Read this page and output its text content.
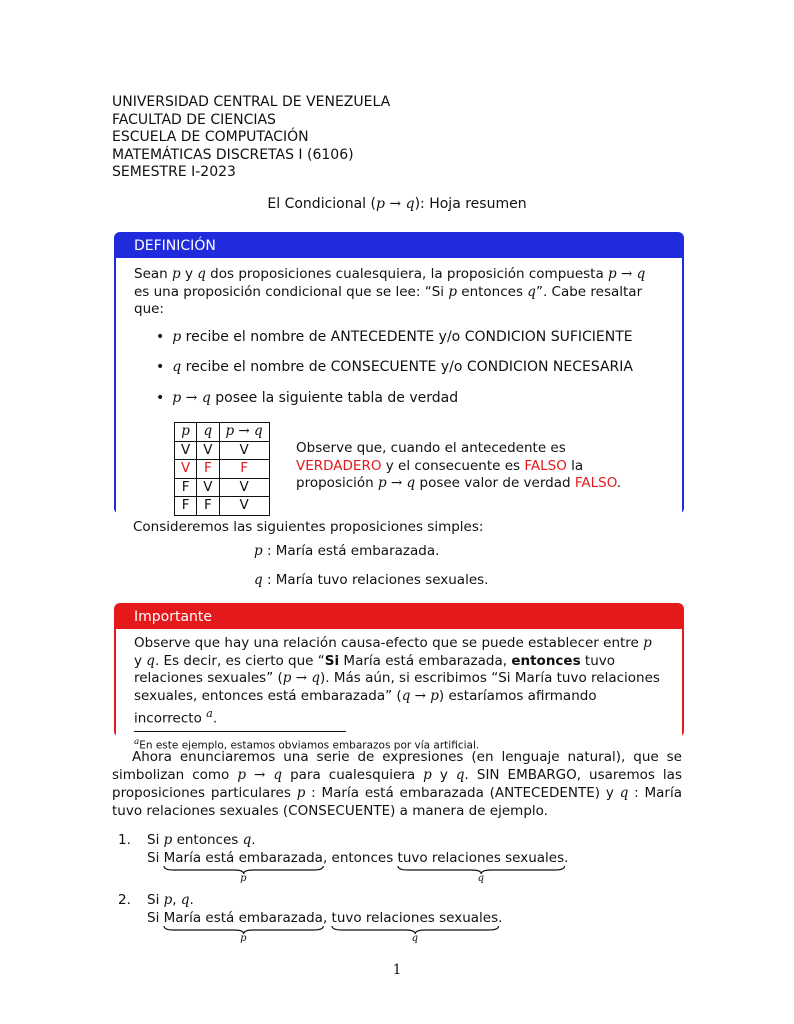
UNIVERSIDAD CENTRAL DE VENEZUELA
FACULTAD DE CIENCIAS
ESCUELA DE COMPUTACIÓN
MATEMÁTICAS DISCRETAS I (6106)
SEMESTRE I-2023
El Condicional (p → q): Hoja resumen
DEFINICIÓN

Sean p y q dos proposiciones cualesquiera, la proposición compuesta p → q es una proposición condicional que se lee: “Si p entonces q”. Cabe resaltar que:

• p recibe el nombre de ANTECEDENTE y/o CONDICION SUFICIENTE
• q recibe el nombre de CONSECUENTE y/o CONDICION NECESARIA
• p → q posee la siguiente tabla de verdad
p	q	p → q
V	V	V
V	F	F
F	V	V
F	F	V

Observe que, cuando el antecedente es VERDADERO y el consecuente es FALSO la proposición p → q posee valor de verdad FALSO.

Consideremos las siguientes proposiciones simples:
p : María está embarazada.
q : María tuvo relaciones sexuales.
Importante

Observe que hay una relación causa-efecto que se puede establecer entre p y q. Es decir, es cierto que “Si María está embarazada, entonces tuvo relaciones sexuales” (p → q). Más aún, si escribimos “Si María tuvo relaciones sexuales, entonces está embarazada” (q → p) estaríamos afirmando incorrecto $^a$.

$^a$En este ejemplo, estamos obviamos embarazos por vía artificial.

Ahora enunciaremos una serie de expresiones (en lenguaje natural), que se simbolizan como p → q para cualesquiera p y q. SIN EMBARGO, usaremos las proposiciones particulares p : María está embarazada (ANTECEDENTE) y q : María tuvo relaciones sexuales (CONSECUENTE) a manera de ejemplo.
1. Si p entonces q.
Si María está embarazada
p
, entonces tuvo relaciones sexuales
q
.
2. Si p, q.
Si María está embarazada
p
, tuvo relaciones sexuales
q
.
1
